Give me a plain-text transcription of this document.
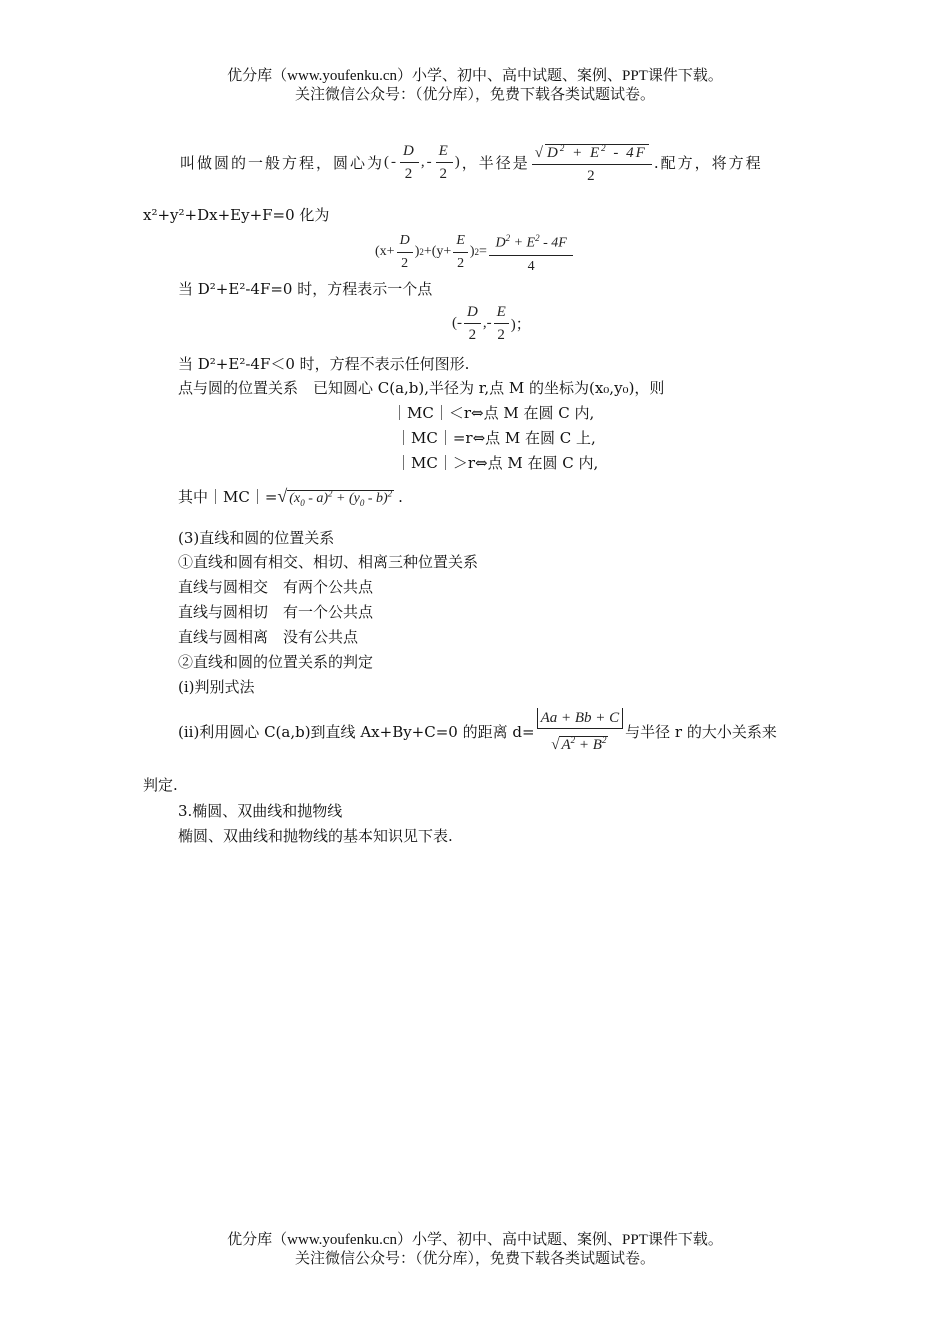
优分库（www.youfenku.cn）小学、初中、高中试题、案例、PPT课件下载。
关注微信公众号：（优分库），免费下载各类试题试卷。
叫做圆的一般方程，圆心为 (- $\frac{D}{2}$ ,- $\frac{E}{2}$ ) ，半径是 $\frac{√ D^2 + E^2 - 4F}{2}$ .配方，将方程
x²+y²+Dx+Ey+F=0 化为
($x+ \frac{D}{2}$ ) $2 +(y+ \frac{E}{2}$ ) $2 = \frac{D^2 + E^2 - 4F}{4}$
当 D²+E²-4F=0 时，方程表示一个点
(- $\frac{D}{2}$ ,- $\frac{E}{2}$ )；
当 D²+E²-4F＜0 时，方程不表示任何图形.
点与圆的位置关系　已知圆心 C(a,b),半径为 r,点 M 的坐标为(x₀,y₀)，则
｜MC｜＜r⇔点 M 在圆 C 内,
｜MC｜=r⇔点 M 在圆 C 上,
｜MC｜＞r⇔点 M 在圆 C 内,
其中｜MC｜= √ $(x_0 - a)^2 + (y_0 - b)^2$ .
(3)直线和圆的位置关系
①直线和圆有相交、相切、相离三种位置关系
直线与圆相交　有两个公共点
直线与圆相切　有一个公共点
直线与圆相离　没有公共点
②直线和圆的位置关系的判定
(i)判别式法
(ii)利用圆心 C(a,b)到直线 Ax+By+C=0 的距离 $d= \frac{Aa + Bb + C}{√ A^2 + B^2}$ 与半径 r 的大小关系来
判定.
3.椭圆、双曲线和抛物线
椭圆、双曲线和抛物线的基本知识见下表.
优分库（www.youfenku.cn）小学、初中、高中试题、案例、PPT课件下载。
关注微信公众号：（优分库），免费下载各类试题试卷。
